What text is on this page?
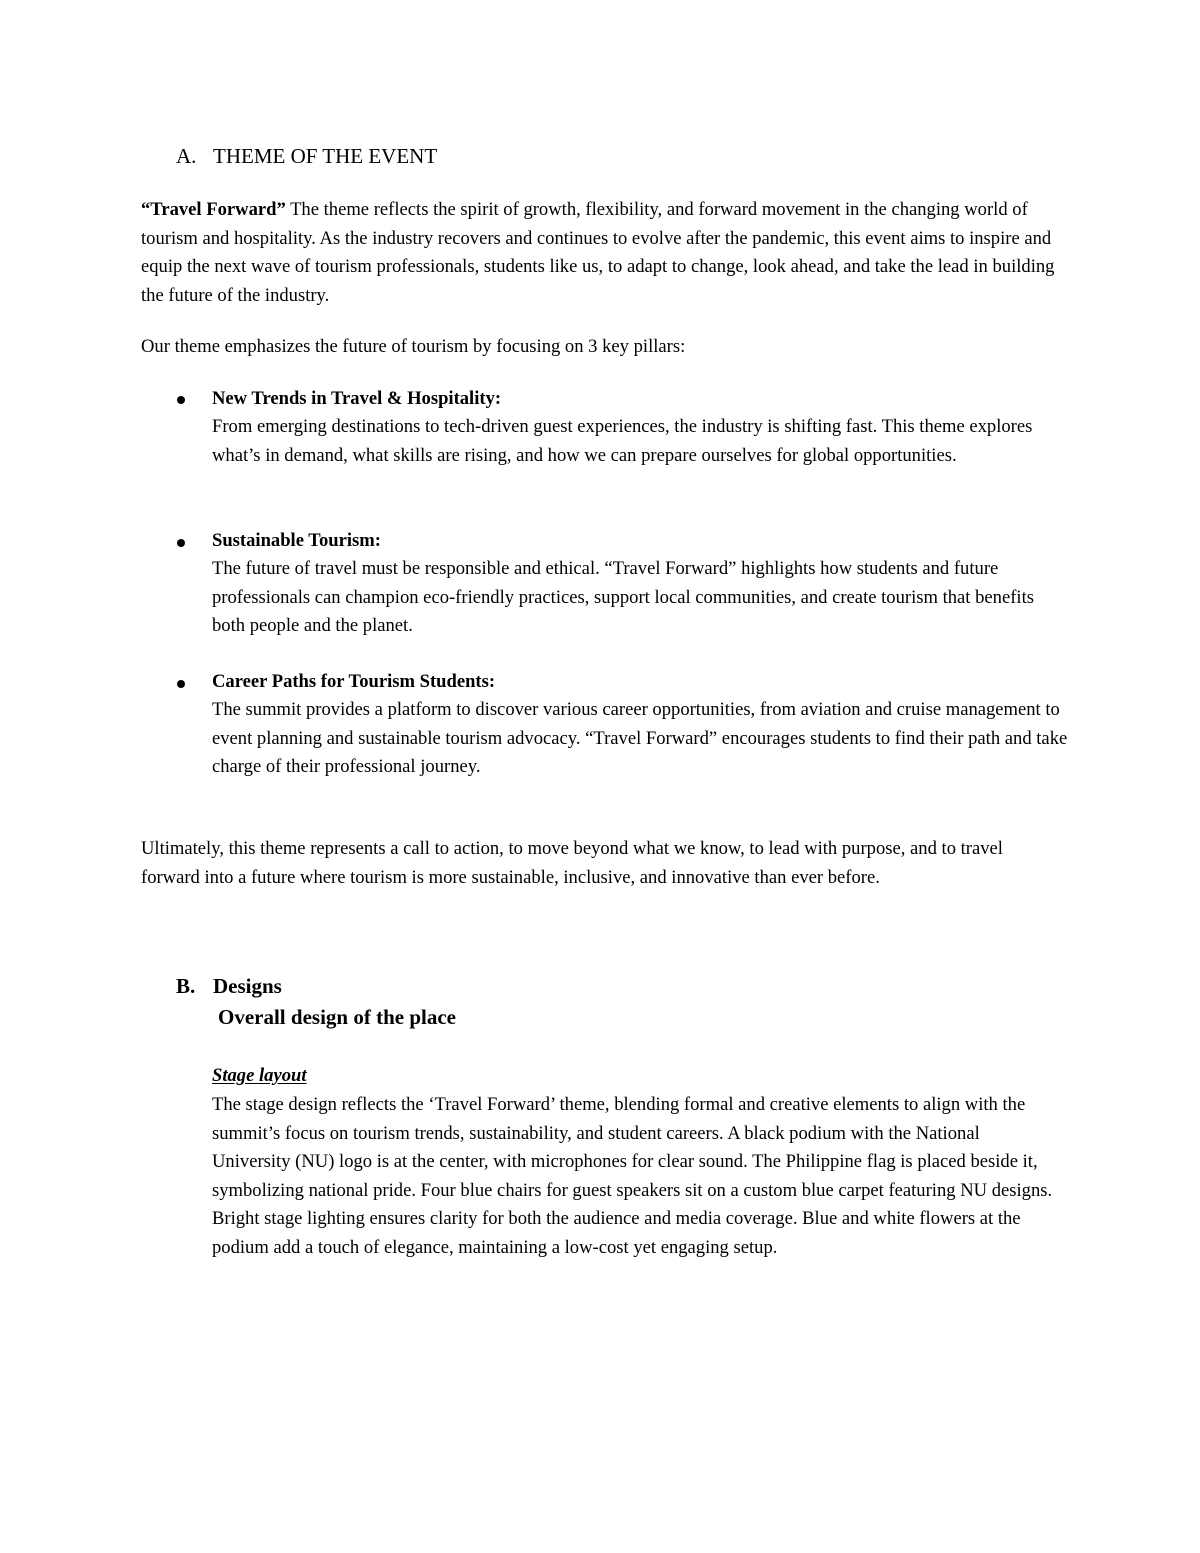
A. THEME OF THE EVENT

“Travel Forward” The theme reflects the spirit of growth, flexibility, and forward movement in the changing world of tourism and hospitality. As the industry recovers and continues to evolve after the pandemic, this event aims to inspire and equip the next wave of tourism professionals, students like us, to adapt to change, look ahead, and take the lead in building the future of the industry.

Our theme emphasizes the future of tourism by focusing on 3 key pillars:

New Trends in Travel & Hospitality:

From emerging destinations to tech-driven guest experiences, the industry is shifting fast. This theme explores what’s in demand, what skills are rising, and how we can prepare ourselves for global opportunities.

Sustainable Tourism:

The future of travel must be responsible and ethical. “Travel Forward” highlights how students and future professionals can champion eco-friendly practices, support local communities, and create tourism that benefits both people and the planet.

Career Paths for Tourism Students:

The summit provides a platform to discover various career opportunities, from aviation and cruise management to event planning and sustainable tourism advocacy. “Travel Forward” encourages students to find their path and take charge of their professional journey.

Ultimately, this theme represents a call to action, to move beyond what we know, to lead with purpose, and to travel forward into a future where tourism is more sustainable, inclusive, and innovative than ever before.

B. Designs

Overall design of the place

Stage layout

The stage design reflects the ‘Travel Forward’ theme, blending formal and creative elements to align with the summit’s focus on tourism trends, sustainability, and student careers. A black podium with the National University (NU) logo is at the center, with microphones for clear sound. The Philippine flag is placed beside it, symbolizing national pride. Four blue chairs for guest speakers sit on a custom blue carpet featuring NU designs. Bright stage lighting ensures clarity for both the audience and media coverage. Blue and white flowers at the podium add a touch of elegance, maintaining a low-cost yet engaging setup.
